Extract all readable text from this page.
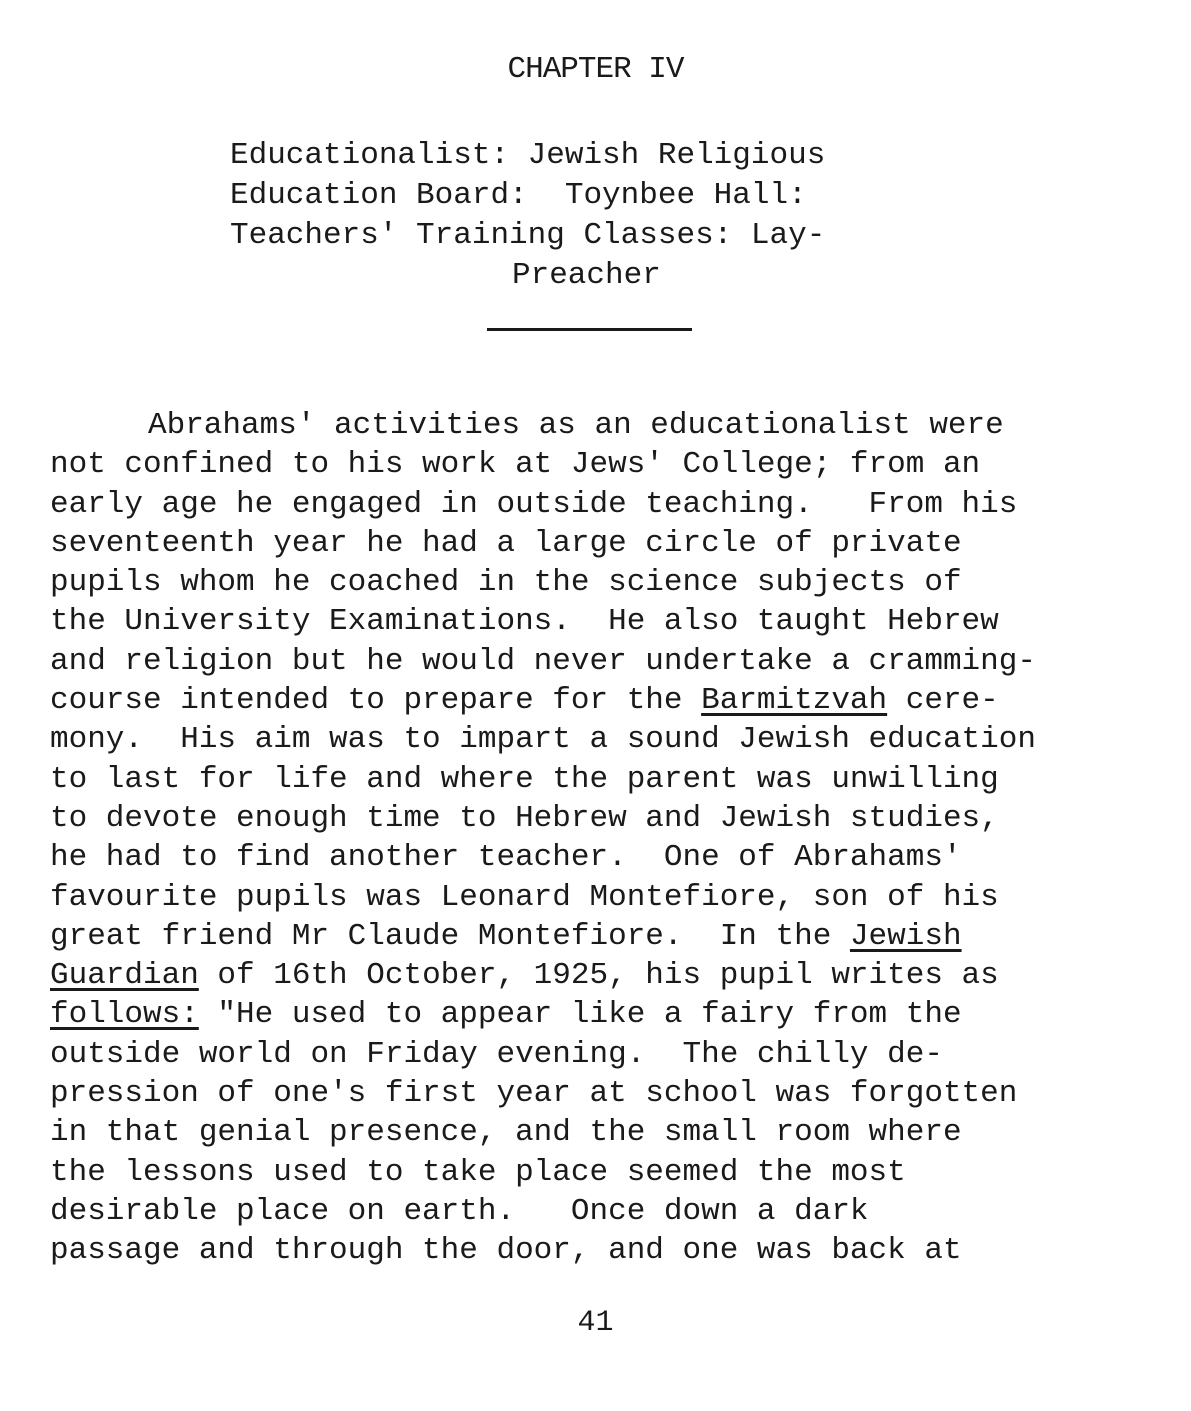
CHAPTER IV
Educationalist: Jewish Religious
Education Board:  Toynbee Hall:
Teachers' Training Classes: Lay-
Preacher
Abrahams' activities as an educationalist were
not confined to his work at Jews' College; from an
early age he engaged in outside teaching.   From his
seventeenth year he had a large circle of private
pupils whom he coached in the science subjects of
the University Examinations.  He also taught Hebrew
and religion but he would never undertake a cramming-
course intended to prepare for the Barmitzvah cere-
mony.  His aim was to impart a sound Jewish education
to last for life and where the parent was unwilling
to devote enough time to Hebrew and Jewish studies,
he had to find another teacher.  One of Abrahams'
favourite pupils was Leonard Montefiore, son of his
great friend Mr Claude Montefiore.  In the Jewish
Guardian of 16th October, 1925, his pupil writes as
follows: "He used to appear like a fairy from the
outside world on Friday evening.  The chilly de-
pression of one's first year at school was forgotten
in that genial presence, and the small room where
the lessons used to take place seemed the most
desirable place on earth.   Once down a dark
passage and through the door, and one was back at
41
